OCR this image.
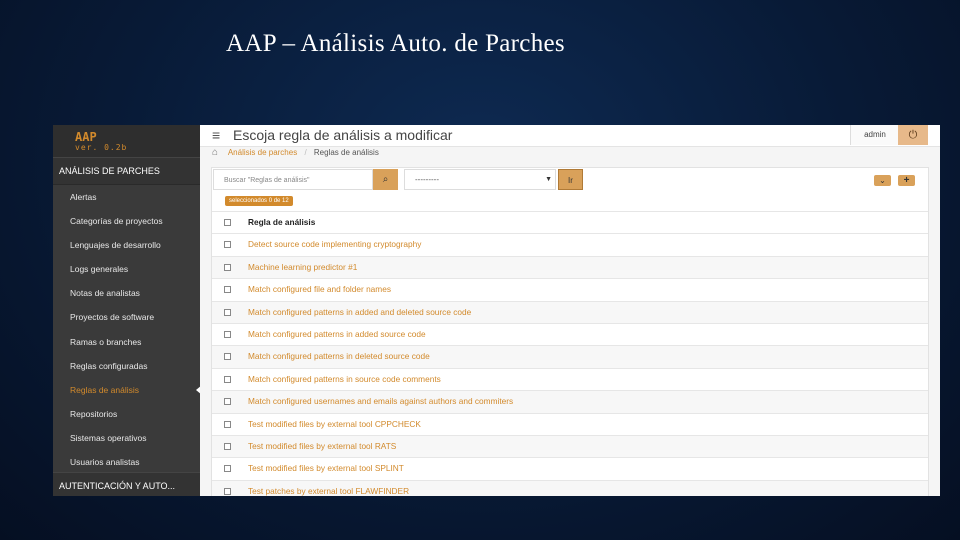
AAP – Análisis Auto. de Parches
AAP
ver. 0.2b
ANÁLISIS DE PARCHES
Alertas
Categorías de proyectos
Lenguajes de desarrollo
Logs generales
Notas de analistas
Proyectos de software
Ramas o branches
Reglas configuradas
Reglas de análisis
Repositorios
Sistemas operativos
Usuarios analistas
AUTENTICACIÓN Y AUTO...
≡ Escoja regla de análisis a modificar	admin	⏻
⌂ Análisis de parches / Reglas de análisis
Buscar "Reglas de análisis"	⌕	---------	▼	Ir	⌄	+
seleccionados 0 de 12
Regla de análisis
Detect source code implementing cryptography
Machine learning predictor #1
Match configured file and folder names
Match configured patterns in added and deleted source code
Match configured patterns in added source code
Match configured patterns in deleted source code
Match configured patterns in source code comments
Match configured usernames and emails against authors and commiters
Test modified files by external tool CPPCHECK
Test modified files by external tool RATS
Test modified files by external tool SPLINT
Test patches by external tool FLAWFINDER
